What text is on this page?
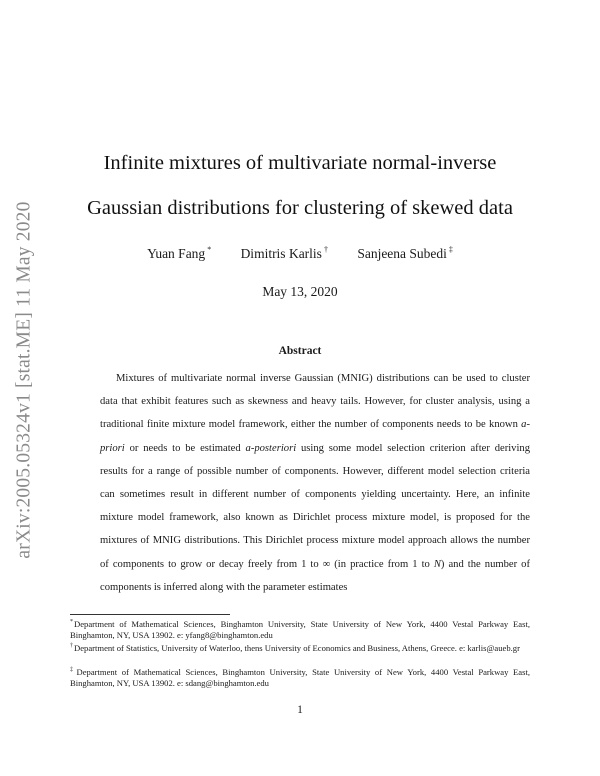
arXiv:2005.05324v1 [stat.ME] 11 May 2020
Infinite mixtures of multivariate normal-inverse
Gaussian distributions for clustering of skewed data
Yuan Fang * Dimitris Karlis † Sanjeena Subedi ‡
May 13, 2020
Abstract
Mixtures of multivariate normal inverse Gaussian (MNIG) distributions can be used to cluster data that exhibit features such as skewness and heavy tails. However, for cluster analysis, using a traditional finite mixture model framework, either the number of components needs to be known a-priori or needs to be estimated a-posteriori using some model selection criterion after deriving results for a range of possible number of components. However, different model selection criteria can sometimes result in different number of components yielding uncertainty. Here, an infinite mixture model framework, also known as Dirichlet process mixture model, is proposed for the mixtures of MNIG distributions. This Dirichlet process mixture model approach allows the number of components to grow or decay freely from 1 to ∞ (in practice from 1 to N) and the number of components is inferred along with the parameter estimates
*Department of Mathematical Sciences, Binghamton University, State University of New York, 4400 Vestal Parkway East, Binghamton, NY, USA 13902. e: yfang8@binghamton.edu
†Department of Statistics, University of Waterloo, thens University of Economics and Business, Athens, Greece. e: karlis@aueb.gr
‡Department of Mathematical Sciences, Binghamton University, State University of New York, 4400 Vestal Parkway East, Binghamton, NY, USA 13902. e: sdang@binghamton.edu
1
